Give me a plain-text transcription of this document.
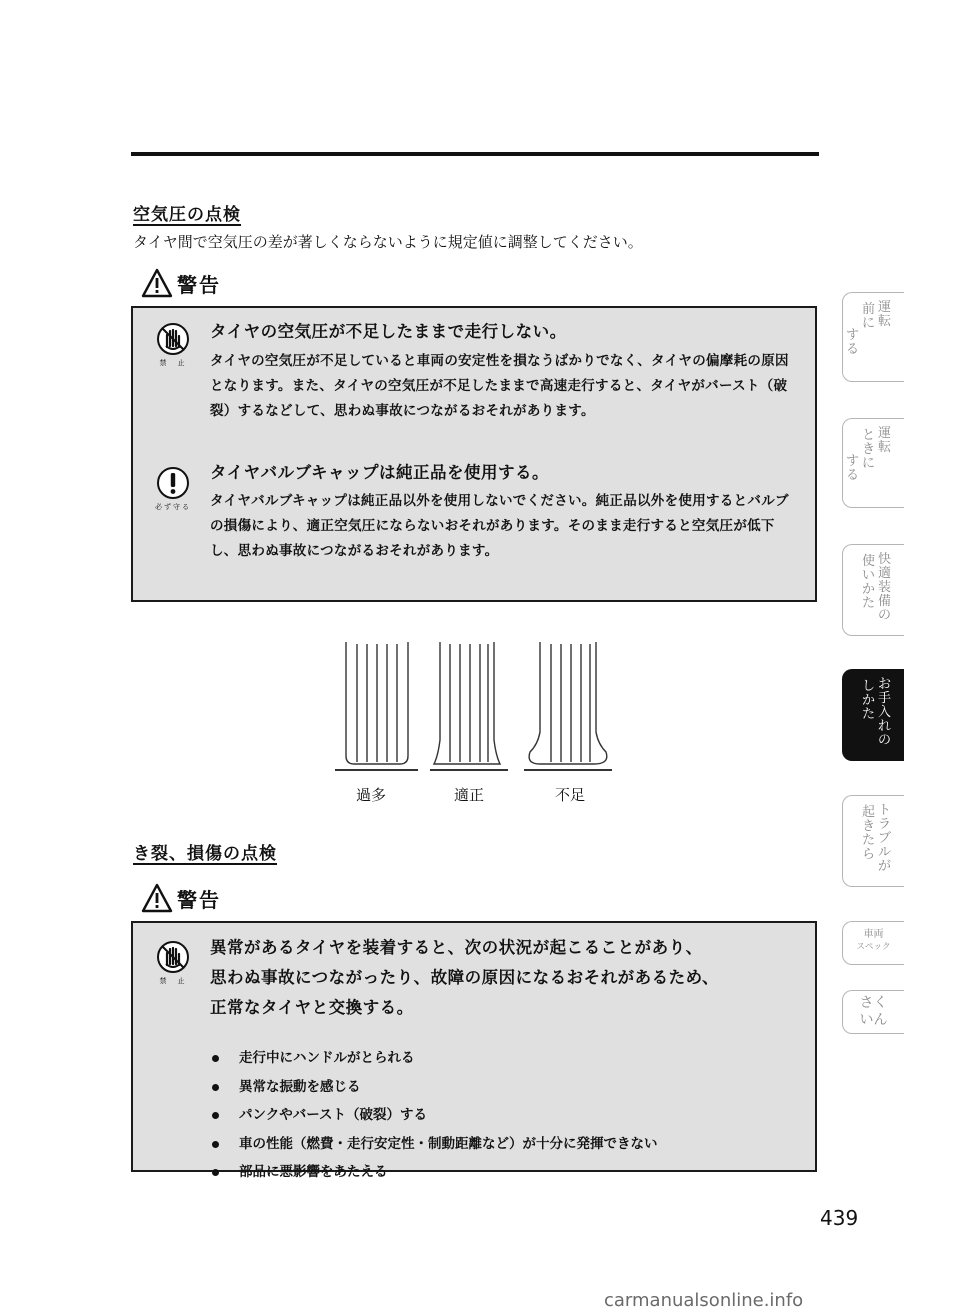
空気圧の点検
タイヤ間で空気圧の差が著しくならないように規定値に調整してください。
警告
禁　止
タイヤの空気圧が不足したままで走行しない。
タイヤの空気圧が不足していると車両の安定性を損なうばかりでなく、タイヤの偏摩耗の原因となります。また、タイヤの空気圧が不足したままで高速走行すると、タイヤがバースト（破裂）するなどして、思わぬ事故につながるおそれがあります。
必ず守る
タイヤバルブキャップは純正品を使用する。
タイヤバルブキャップは純正品以外を使用しないでください。純正品以外を使用するとバルブの損傷により、適正空気圧にならないおそれがあります。そのまま走行すると空気圧が低下し、思わぬ事故につながるおそれがあります。
過多	適正	不足
き裂、損傷の点検
警告
禁　止
異常があるタイヤを装着すると、次の状況が起こることがあり、
思わぬ事故につながったり、故障の原因になるおそれがあるため、
正常なタイヤと交換する。
走行中にハンドルがとられる
異常な振動を感じる
パンクやバースト（破裂）する
車の性能（燃費・走行安定性・制動距離など）が十分に発揮できない
部品に悪影響をあたえる
運転
前に
する
運転
ときに
する
快適装備の
使いかた
お手入れの
しかた
トラブルが
起きたら
車両
スペック
さく
いん
439
carmanualsonline.info
